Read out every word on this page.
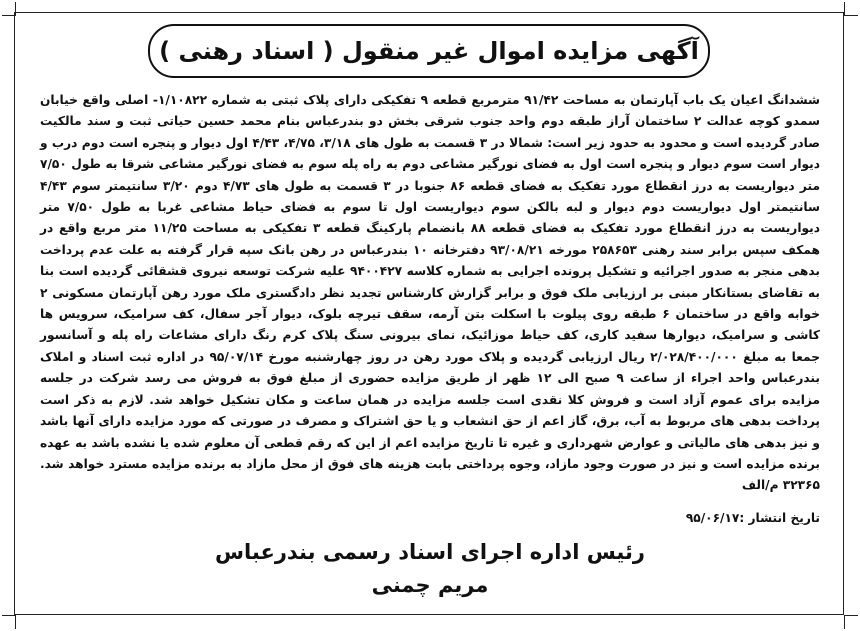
آگهی مزایده اموال غیر منقول ( اسناد رهنی )
ششدانگ اعیان یک باب آپارتمان به مساحت ۹۱/۴۲ مترمربع قطعه ۹ تفکیکی دارای پلاک ثبتی به شماره ۱/۱۰۸۲۲- اصلی واقع خیابان سمدو کوچه عدالت ۲ ساختمان آراز طبقه دوم واحد جنوب شرقی بخش دو بندرعباس بنام محمد حسین حیاتی ثبت و سند مالکیت صادر گردیده است و محدود به حدود زیر است: شمالا در ۳ قسمت به طول های ۳/۱۸، ۴/۷۵، ۴/۴۳ اول دیوار و پنجره است دوم درب و دیوار است سوم دیوار و پنجره است اول به فضای نورگیر مشاعی دوم به راه پله سوم به فضای نورگیر مشاعی شرقا به طول ۷/۵۰ متر دیواریست به درز انقطاع مورد تفکیک به فضای قطعه ۸۶ جنوبا در ۳ قسمت به طول های ۴/۷۳ دوم ۳/۲۰ سانتیمتر سوم ۴/۴۳ سانتیمتر اول دیواریست دوم دیوار و لبه بالکن سوم دیواریست اول تا سوم به فضای حیاط مشاعی غربا به طول ۷/۵۰ متر دیواریست به درز انقطاع مورد تفکیک به فضای قطعه ۸۸ بانضمام پارکینگ قطعه ۳ تفکیکی به مساحت ۱۱/۲۵ متر مربع واقع در همکف سپس برابر سند رهنی ۲۵۸۶۵۳ مورخه ۹۳/۰۸/۲۱ دفترخانه ۱۰ بندرعباس در رهن بانک سپه قرار گرفته به علت عدم پرداخت بدهی منجر به صدور اجرائیه و تشکیل پرونده اجرایی به شماره کلاسه ۹۴۰۰۴۲۷ علیه شرکت توسعه نیروی قشقائی گردیده است بنا به تقاضای بستانکار مبنی بر ارزیابی ملک فوق و برابر گزارش کارشناس تجدید نظر دادگستری ملک مورد رهن آپارتمان مسکونی ۲ خوابه واقع در ساختمان ۶ طبقه روی پیلوت با اسکلت بتن آرمه، سقف تیرچه بلوک، دیوار آجر سفال، کف سرامیک، سرویس ها کاشی و سرامیک، دیوارها سفید کاری، کف حیاط موزائیک، نمای بیرونی سنگ پلاک کرم رنگ دارای مشاعات راه پله و آسانسور جمعا به مبلغ ۲/۰۲۸/۴۰۰/۰۰۰ ریال ارزیابی گردیده و پلاک مورد رهن در روز چهارشنبه مورخ ۹۵/۰۷/۱۴ در اداره ثبت اسناد و املاک بندرعباس واحد اجراء از ساعت ۹ صبح الی ۱۲ ظهر از طریق مزایده حضوری از مبلغ فوق به فروش می رسد شرکت در جلسه مزایده برای عموم آزاد است و فروش کلا نقدی است جلسه مزایده در همان ساعت و مکان تشکیل خواهد شد. لازم به ذکر است پرداخت بدهی های مربوط به آب، برق، گاز اعم از حق انشعاب و یا حق اشتراک و مصرف در صورتی که مورد مزایده دارای آنها باشد و نیز بدهی های مالیاتی و عوارض شهرداری و غیره تا تاریخ مزایده اعم از این که رقم قطعی آن معلوم شده یا نشده باشد به عهده برنده مزایده است و نیز در صورت وجود مازاد، وجوه پرداختی بابت هزینه های فوق از محل مازاد به برنده مزایده مسترد خواهد شد. ۳۲۳۶۵ م/الف
تاریخ انتشار :۹۵/۰۶/۱۷
رئیس اداره اجرای اسناد رسمی بندرعباس
مریم چمنی
